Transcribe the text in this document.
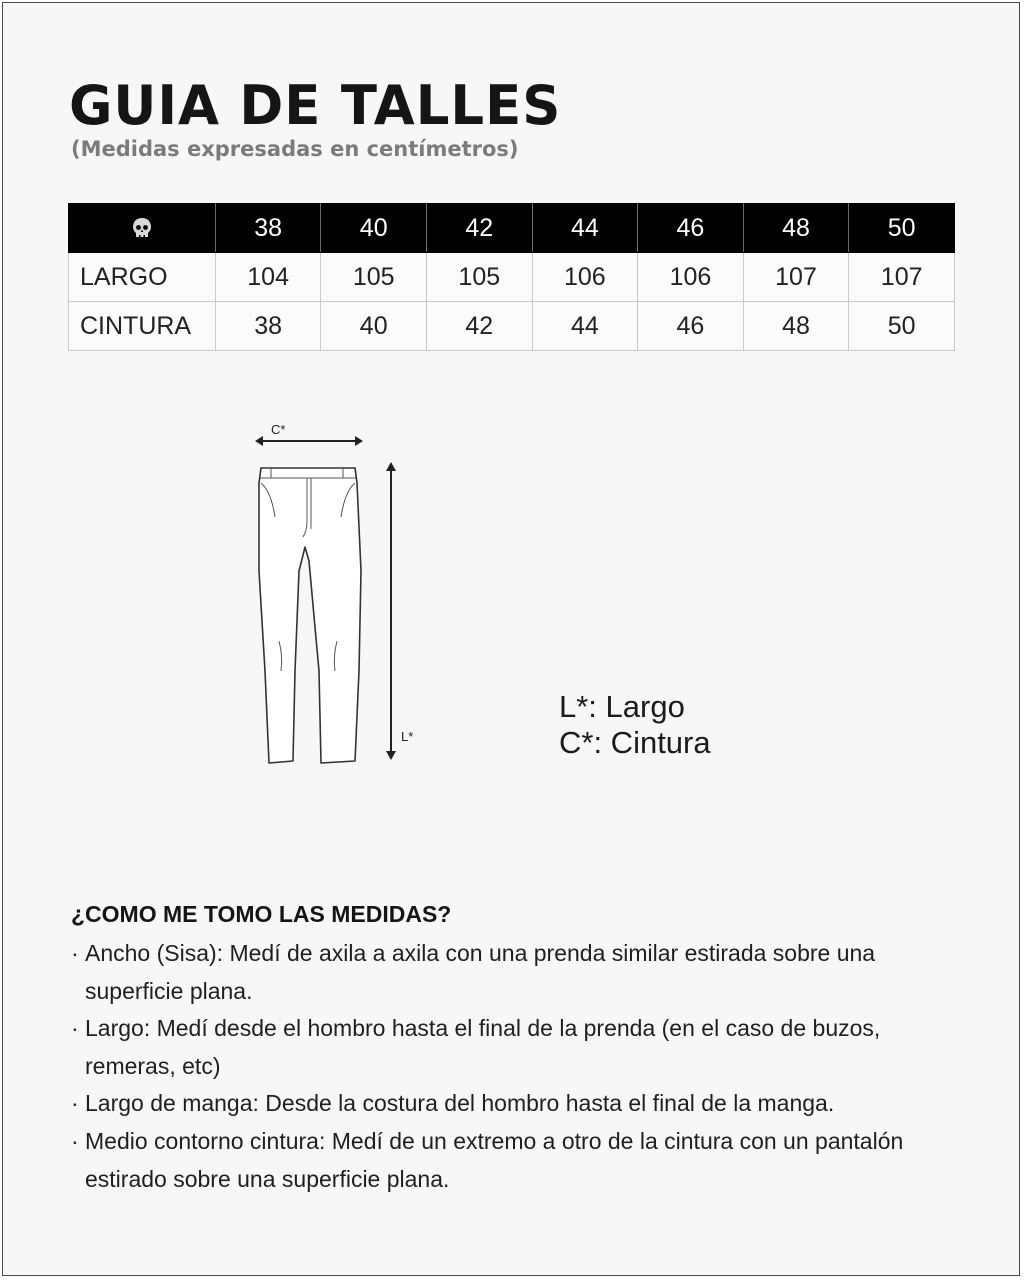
GUIA DE TALLES
(Medidas expresadas en centímetros)
	38	40	42	44	46	48	50
LARGO	104	105	105	106	106	107	107
CINTURA	38	40	42	44	46	48	50
C*
L*
L*: Largo
C*: Cintura
¿COMO ME TOMO LAS MEDIDAS?
· Ancho (Sisa): Medí de axila a axila con una prenda similar estirada sobre una superficie plana.
· Largo: Medí desde el hombro hasta el final de la prenda (en el caso de buzos, remeras, etc)
· Largo de manga: Desde la costura del hombro hasta el final de la manga.
· Medio contorno cintura: Medí de un extremo a otro de la cintura con un pantalón estirado sobre una superficie plana.
